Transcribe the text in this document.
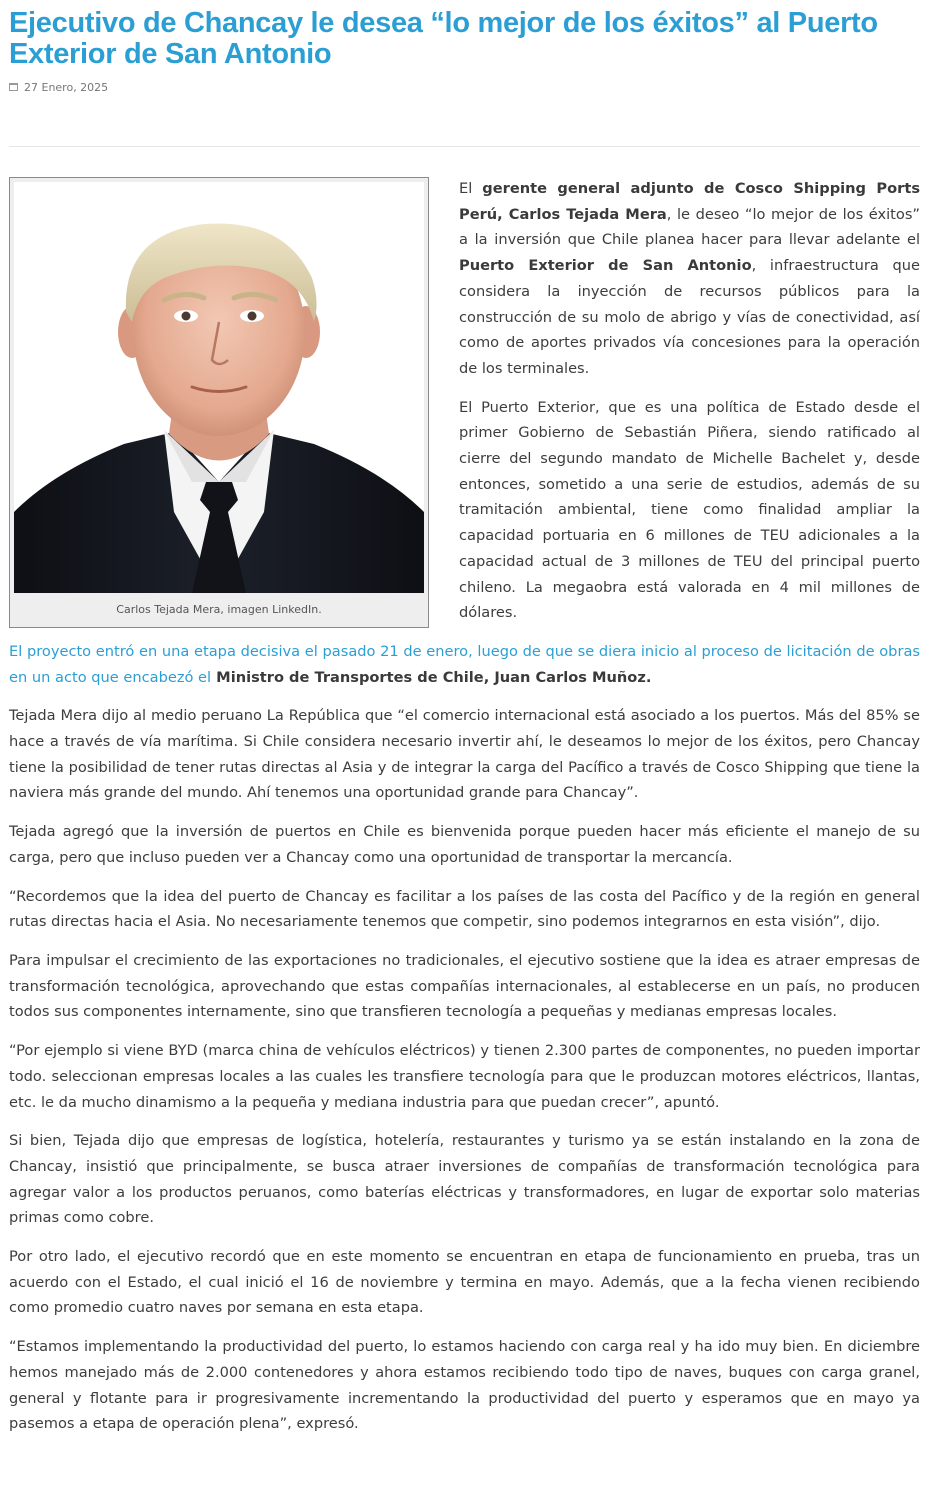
Ejecutivo de Chancay le desea “lo mejor de los éxitos” al Puerto Exterior de San Antonio
27 Enero, 2025
Carlos Tejada Mera, imagen LinkedIn.

El gerente general adjunto de Cosco Shipping Ports Perú, Carlos Tejada Mera, le deseo “lo mejor de los éxitos” a la inversión que Chile planea hacer para llevar adelante el Puerto Exterior de San Antonio, infraestructura que considera la inyección de recursos públicos para la construcción de su molo de abrigo y vías de conectividad, así como de aportes privados vía concesiones para la operación de los terminales.

El Puerto Exterior, que es una política de Estado desde el primer Gobierno de Sebastián Piñera, siendo ratificado al cierre del segundo mandato de Michelle Bachelet y, desde entonces, sometido a una serie de estudios, además de su tramitación ambiental, tiene como finalidad ampliar la capacidad portuaria en 6 millones de TEU adicionales a la capacidad actual de 3 millones de TEU del principal puerto chileno. La megaobra está valorada en 4 mil millones de dólares.

El proyecto entró en una etapa decisiva el pasado 21 de enero, luego de que se diera inicio al proceso de licitación de obras en un acto que encabezó el Ministro de Transportes de Chile, Juan Carlos Muñoz.

Tejada Mera dijo al medio peruano La República que “el comercio internacional está asociado a los puertos. Más del 85% se hace a través de vía marítima. Si Chile considera necesario invertir ahí, le deseamos lo mejor de los éxitos, pero Chancay tiene la posibilidad de tener rutas directas al Asia y de integrar la carga del Pacífico a través de Cosco Shipping que tiene la naviera más grande del mundo. Ahí tenemos una oportunidad grande para Chancay”.

Tejada agregó que la inversión de puertos en Chile es bienvenida porque pueden hacer más eficiente el manejo de su carga, pero que incluso pueden ver a Chancay como una oportunidad de transportar la mercancía.

“Recordemos que la idea del puerto de Chancay es facilitar a los países de las costa del Pacífico y de la región en general rutas directas hacia el Asia. No necesariamente tenemos que competir, sino podemos integrarnos en esta visión”, dijo.

Para impulsar el crecimiento de las exportaciones no tradicionales, el ejecutivo sostiene que la idea es atraer empresas de transformación tecnológica, aprovechando que estas compañías internacionales, al establecerse en un país, no producen todos sus componentes internamente, sino que transfieren tecnología a pequeñas y medianas empresas locales.

“Por ejemplo si viene BYD (marca china de vehículos eléctricos) y tienen 2.300 partes de componentes, no pueden importar todo. seleccionan empresas locales a las cuales les transfiere tecnología para que le produzcan motores eléctricos, llantas, etc. le da mucho dinamismo a la pequeña y mediana industria para que puedan crecer”, apuntó.

Si bien, Tejada dijo que empresas de logística, hotelería, restaurantes y turismo ya se están instalando en la zona de Chancay, insistió que principalmente, se busca atraer inversiones de compañías de transformación tecnológica para agregar valor a los productos peruanos, como baterías eléctricas y transformadores, en lugar de exportar solo materias primas como cobre.

Por otro lado, el ejecutivo recordó que en este momento se encuentran en etapa de funcionamiento en prueba, tras un acuerdo con el Estado, el cual inició el 16 de noviembre y termina en mayo. Además, que a la fecha vienen recibiendo como promedio cuatro naves por semana en esta etapa.

“Estamos implementando la productividad del puerto, lo estamos haciendo con carga real y ha ido muy bien. En diciembre hemos manejado más de 2.000 contenedores y ahora estamos recibiendo todo tipo de naves, buques con carga granel, general y flotante para ir progresivamente incrementando la productividad del puerto y esperamos que en mayo ya pasemos a etapa de operación plena”, expresó.
